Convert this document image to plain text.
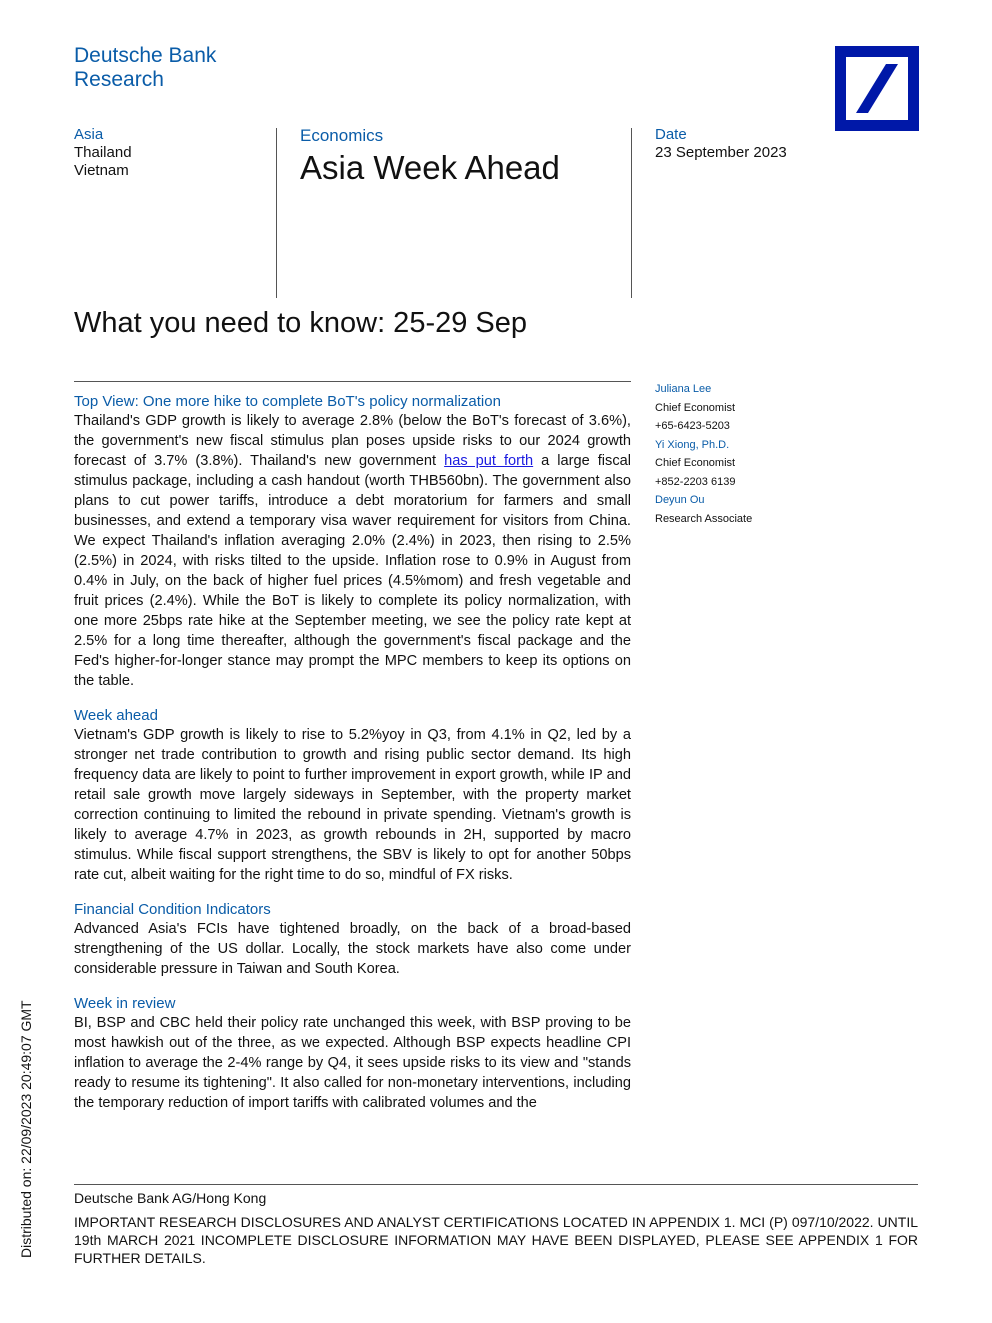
Deutsche Bank
Research
Asia
Thailand
Vietnam
Economics
Asia Week Ahead
Date
23 September 2023
What you need to know: 25-29 Sep
Top View: One more hike to complete BoT's policy normalization

Thailand's GDP growth is likely to average 2.8% (below the BoT's forecast of 3.6%), the government's new fiscal stimulus plan poses upside risks to our 2024 growth forecast of 3.7% (3.8%). Thailand's new government has put forth a large fiscal stimulus package, including a cash handout (worth THB560bn). The government also plans to cut power tariffs, introduce a debt moratorium for farmers and small businesses, and extend a temporary visa waver requirement for visitors from China. We expect Thailand's inflation averaging 2.0% (2.4%) in 2023, then rising to 2.5% (2.5%) in 2024, with risks tilted to the upside. Inflation rose to 0.9% in August from 0.4% in July, on the back of higher fuel prices (4.5%mom) and fresh vegetable and fruit prices (2.4%). While the BoT is likely to complete its policy normalization, with one more 25bps rate hike at the September meeting, we see the policy rate kept at 2.5% for a long time thereafter, although the government's fiscal package and the Fed's higher-for-longer stance may prompt the MPC members to keep its options on the table.

Week ahead

Vietnam's GDP growth is likely to rise to 5.2%yoy in Q3, from 4.1% in Q2, led by a stronger net trade contribution to growth and rising public sector demand. Its high frequency data are likely to point to further improvement in export growth, while IP and retail sale growth move largely sideways in September, with the property market correction continuing to limited the rebound in private spending. Vietnam's growth is likely to average 4.7% in 2023, as growth rebounds in 2H, supported by macro stimulus. While fiscal support strengthens, the SBV is likely to opt for another 50bps rate cut, albeit waiting for the right time to do so, mindful of FX risks.

Financial Condition Indicators

Advanced Asia's FCIs have tightened broadly, on the back of a broad-based strengthening of the US dollar. Locally, the stock markets have also come under considerable pressure in Taiwan and South Korea.

Week in review

BI, BSP and CBC held their policy rate unchanged this week, with BSP proving to be most hawkish out of the three, as we expected. Although BSP expects headline CPI inflation to average the 2-4% range by Q4, it sees upside risks to its view and "stands ready to resume its tightening". It also called for non-monetary interventions, including the temporary reduction of import tariffs with calibrated volumes and the

Juliana Lee
Chief Economist
+65-6423-5203
Yi Xiong, Ph.D.
Chief Economist
+852-2203 6139
Deyun Ou
Research Associate
Distributed on: 22/09/2023 20:49:07 GMT	Deutsche Bank AG/Hong Kong
IMPORTANT RESEARCH DISCLOSURES AND ANALYST CERTIFICATIONS LOCATED IN APPENDIX 1. MCI (P) 097/10/2022. UNTIL 19th MARCH 2021 INCOMPLETE DISCLOSURE INFORMATION MAY HAVE BEEN DISPLAYED, PLEASE SEE APPENDIX 1 FOR FURTHER DETAILS.
